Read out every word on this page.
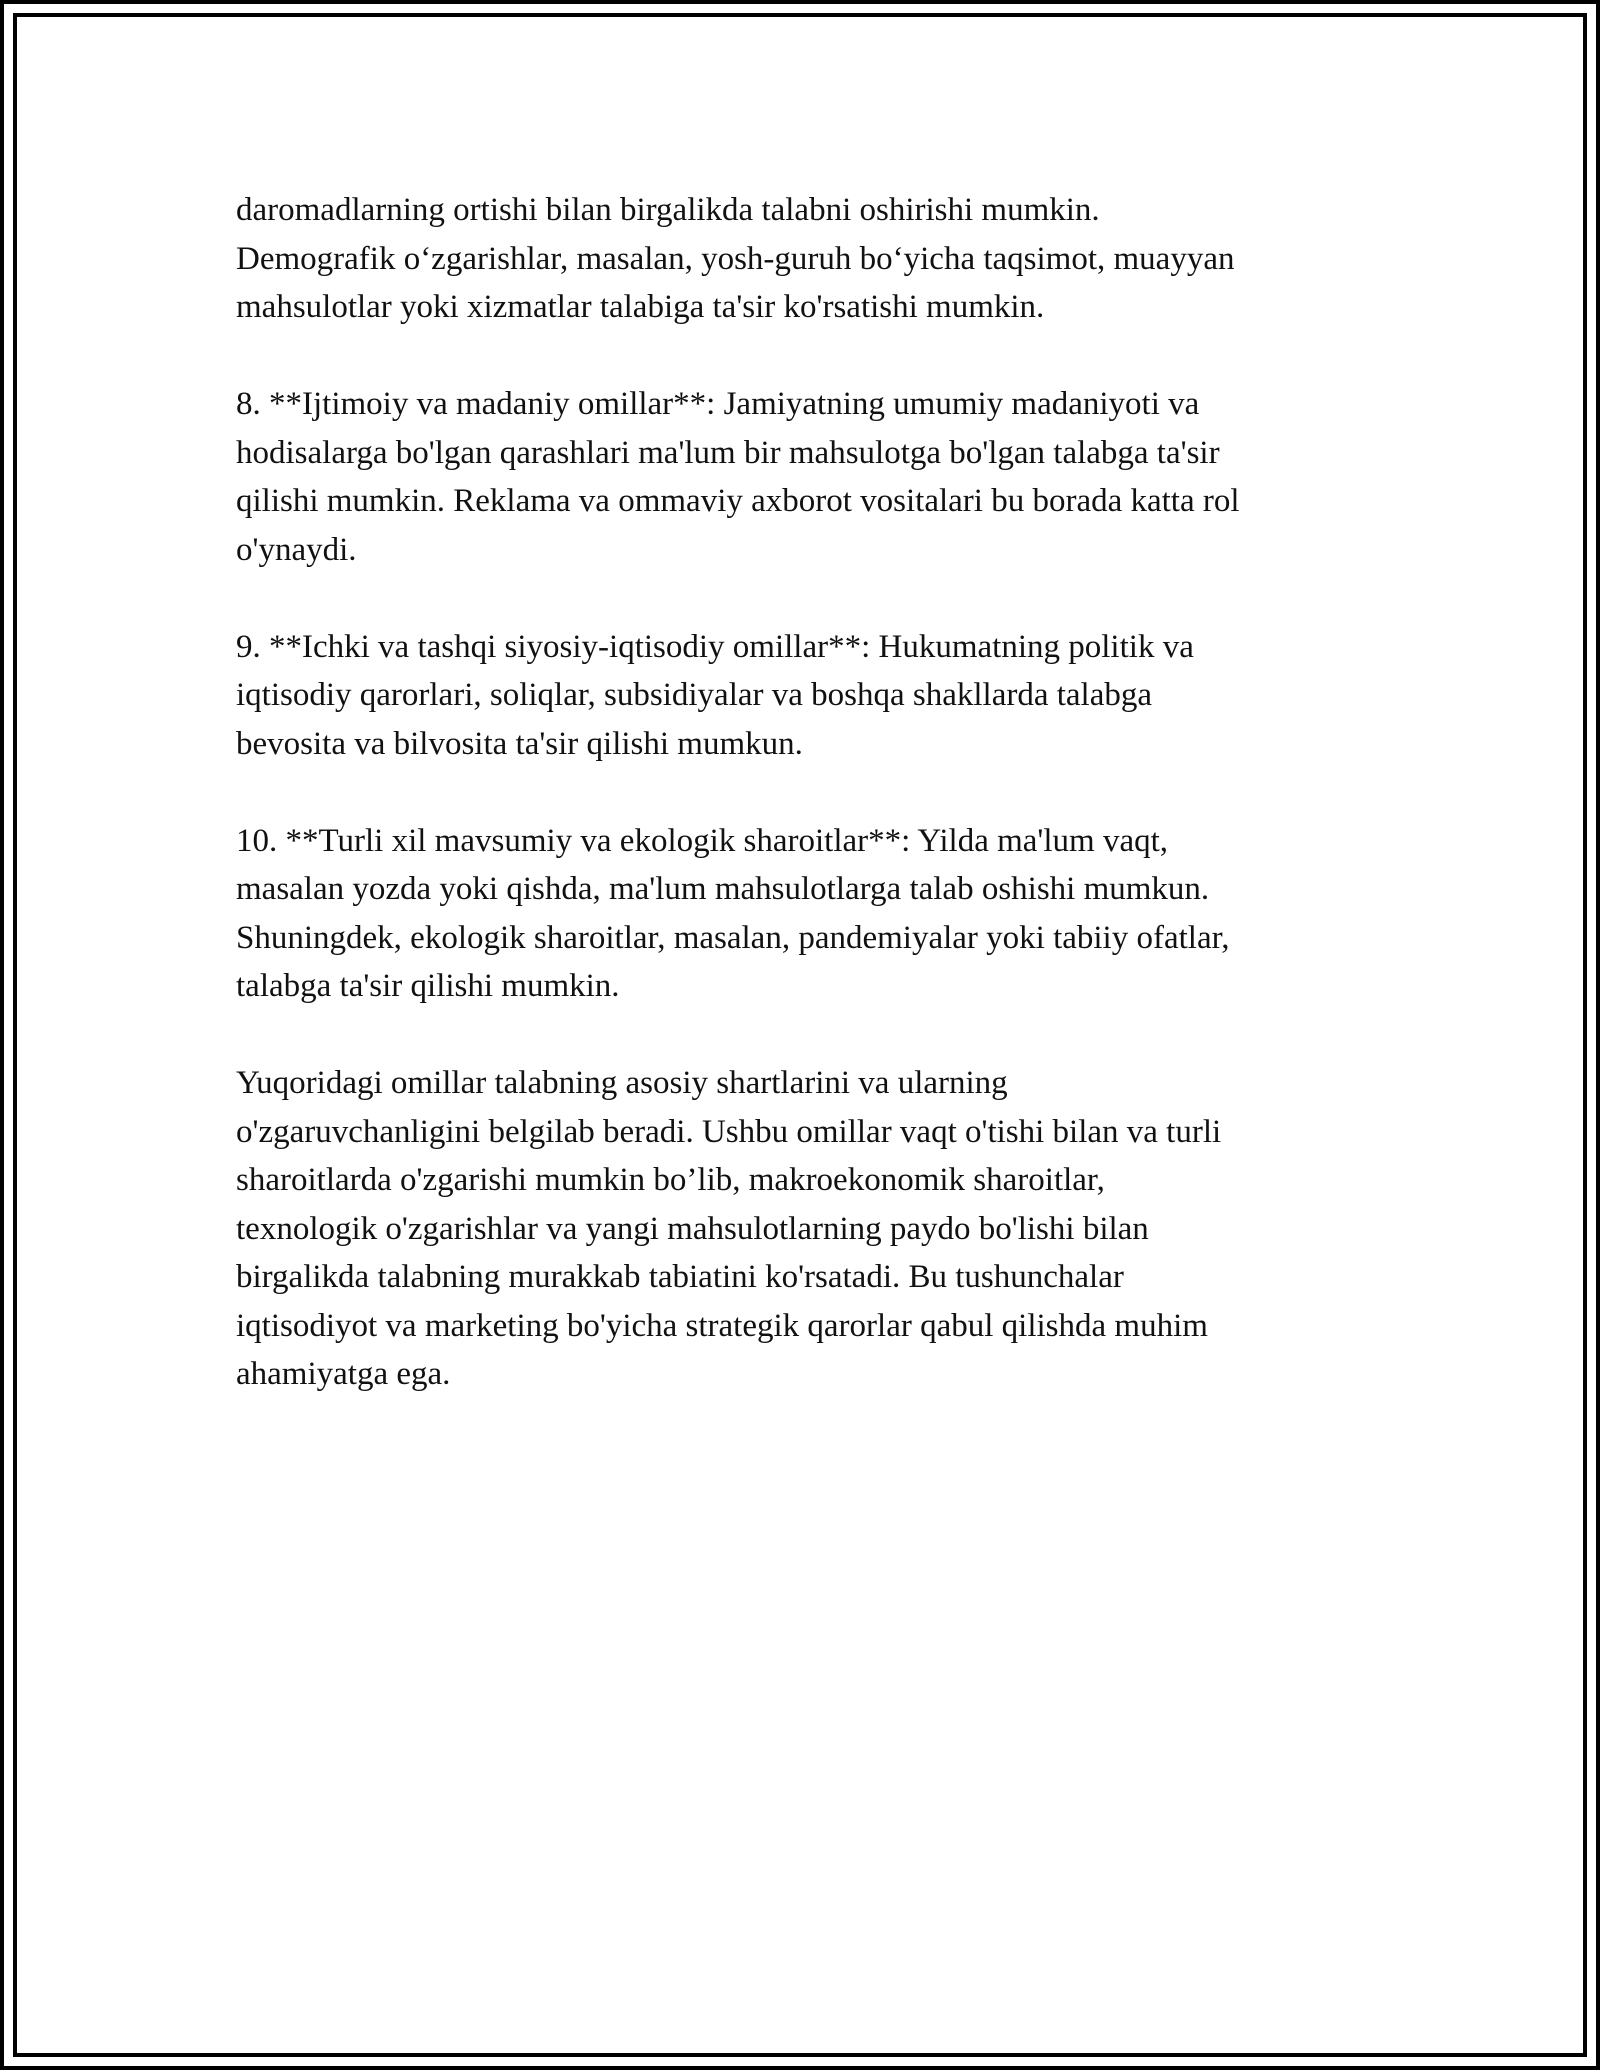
daromadlarning ortishi bilan birgalikda talabni oshirishi mumkin.
Demografik o‘zgarishlar, masalan, yosh-guruh bo‘yicha taqsimot, muayyan
mahsulotlar yoki xizmatlar talabiga ta'sir ko'rsatishi mumkin.

8. **Ijtimoiy va madaniy omillar**: Jamiyatning umumiy madaniyoti va
hodisalarga bo'lgan qarashlari ma'lum bir mahsulotga bo'lgan talabga ta'sir
qilishi mumkin. Reklama va ommaviy axborot vositalari bu borada katta rol
o'ynaydi.

9. **Ichki va tashqi siyosiy-iqtisodiy omillar**: Hukumatning politik va
iqtisodiy qarorlari, soliqlar, subsidiyalar va boshqa shakllarda talabga
bevosita va bilvosita ta'sir qilishi mumkun.

10. **Turli xil mavsumiy va ekologik sharoitlar**: Yilda ma'lum vaqt,
masalan yozda yoki qishda, ma'lum mahsulotlarga talab oshishi mumkun.
Shuningdek, ekologik sharoitlar, masalan, pandemiyalar yoki tabiiy ofatlar,
talabga ta'sir qilishi mumkin.

Yuqoridagi omillar talabning asosiy shartlarini va ularning
o'zgaruvchanligini belgilab beradi. Ushbu omillar vaqt o'tishi bilan va turli
sharoitlarda o'zgarishi mumkin bo’lib, makroekonomik sharoitlar,
texnologik o'zgarishlar va yangi mahsulotlarning paydo bo'lishi bilan
birgalikda talabning murakkab tabiatini ko'rsatadi. Bu tushunchalar
iqtisodiyot va marketing bo'yicha strategik qarorlar qabul qilishda muhim
ahamiyatga ega.
